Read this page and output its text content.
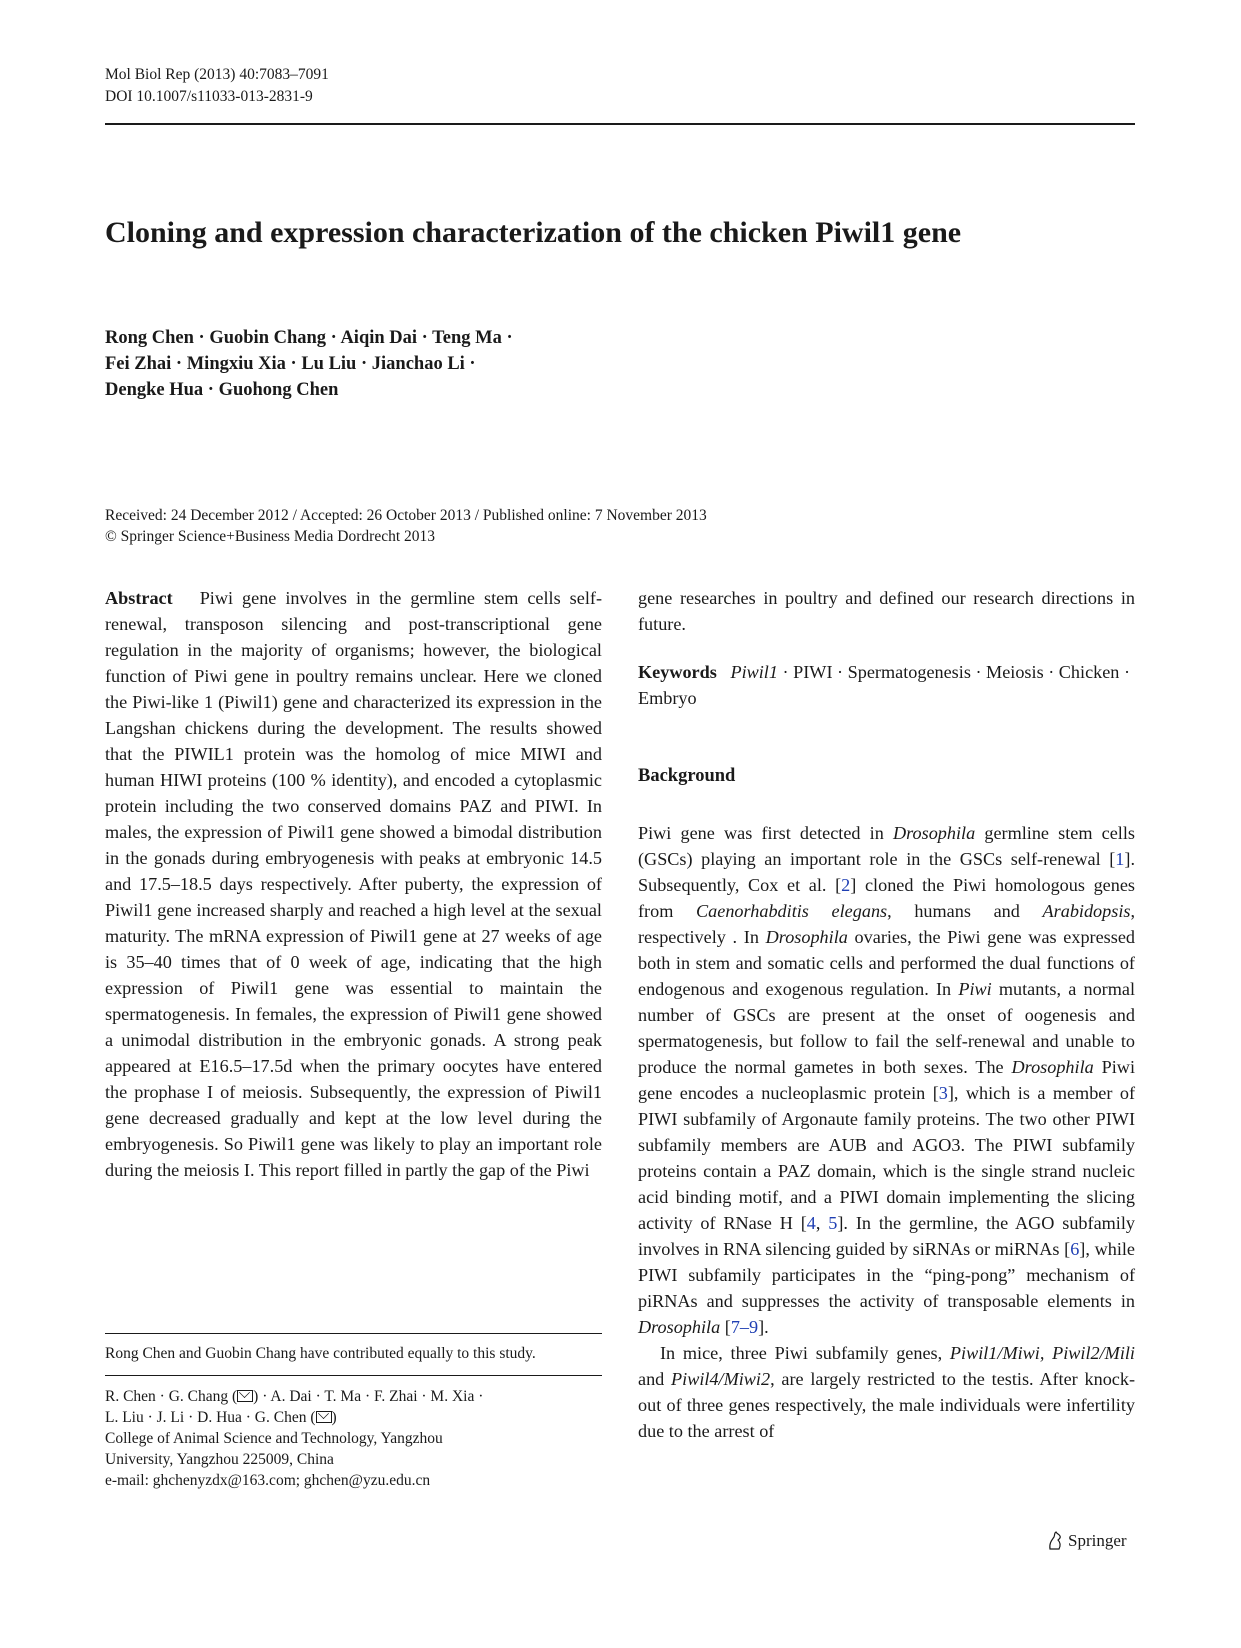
Mol Biol Rep (2013) 40:7083–7091
DOI 10.1007/s11033-013-2831-9
Cloning and expression characterization of the chicken Piwil1 gene
Rong Chen · Guobin Chang · Aiqin Dai · Teng Ma ·
Fei Zhai · Mingxiu Xia · Lu Liu · Jianchao Li ·
Dengke Hua · Guohong Chen
Received: 24 December 2012 / Accepted: 26 October 2013 / Published online: 7 November 2013
© Springer Science+Business Media Dordrecht 2013
Abstract Piwi gene involves in the germline stem cells self-renewal, transposon silencing and post-transcriptional gene regulation in the majority of organisms; however, the biological function of Piwi gene in poultry remains unclear. Here we cloned the Piwi-like 1 (Piwil1) gene and characterized its expression in the Langshan chickens during the development. The results showed that the PIWIL1 protein was the homolog of mice MIWI and human HIWI proteins (100 % identity), and encoded a cytoplasmic protein including the two conserved domains PAZ and PIWI. In males, the expression of Piwil1 gene showed a bimodal distribution in the gonads during embryogenesis with peaks at embryonic 14.5 and 17.5–18.5 days respectively. After puberty, the expression of Piwil1 gene increased sharply and reached a high level at the sexual maturity. The mRNA expression of Piwil1 gene at 27 weeks of age is 35–40 times that of 0 week of age, indicating that the high expression of Piwil1 gene was essential to maintain the spermatogenesis. In females, the expression of Piwil1 gene showed a unimodal distribution in the embryonic gonads. A strong peak appeared at E16.5–17.5d when the primary oocytes have entered the prophase I of meiosis. Subsequently, the expression of Piwil1 gene decreased gradually and kept at the low level during the embryogenesis. So Piwil1 gene was likely to play an important role during the meiosis I. This report filled in partly the gap of the Piwi
gene researches in poultry and defined our research directions in future.
Keywords Piwil1 · PIWI · Spermatogenesis · Meiosis · Chicken · Embryo
Background

Piwi gene was first detected in Drosophila germline stem cells (GSCs) playing an important role in the GSCs self-renewal [1]. Subsequently, Cox et al. [2] cloned the Piwi homologous genes from Caenorhabditis elegans, humans and Arabidopsis, respectively . In Drosophila ovaries, the Piwi gene was expressed both in stem and somatic cells and performed the dual functions of endogenous and exogenous regulation. In Piwi mutants, a normal number of GSCs are present at the onset of oogenesis and spermatogenesis, but follow to fail the self-renewal and unable to produce the normal gametes in both sexes. The Drosophila Piwi gene encodes a nucleoplasmic protein [3], which is a member of PIWI subfamily of Argonaute family proteins. The two other PIWI subfamily members are AUB and AGO3. The PIWI subfamily proteins contain a PAZ domain, which is the single strand nucleic acid binding motif, and a PIWI domain implementing the slicing activity of RNase H [4, 5]. In the germline, the AGO subfamily involves in RNA silencing guided by siRNAs or miRNAs [6], while PIWI subfamily participates in the “ping-pong” mechanism of piRNAs and suppresses the activity of transposable elements in Drosophila [7–9].

In mice, three Piwi subfamily genes, Piwil1/Miwi, Piwil2/Mili and Piwil4/Miwi2, are largely restricted to the testis. After knock-out of three genes respectively, the male individuals were infertility due to the arrest of

Rong Chen and Guobin Chang have contributed equally to this study.
R. Chen · G. Chang ( ) · A. Dai · T. Ma · F. Zhai · M. Xia ·
L. Liu · J. Li · D. Hua · G. Chen ( )
College of Animal Science and Technology, Yangzhou
University, Yangzhou 225009, China
e-mail: ghchenyzdx@163.com; ghchen@yzu.edu.cn
Springer
